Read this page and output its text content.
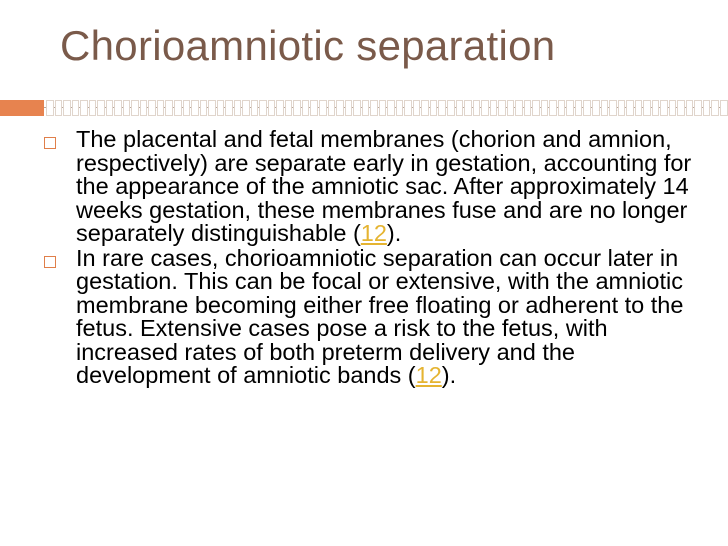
Chorioamniotic separation
The placental and fetal membranes (chorion and amnion, respectively) are separate early in gestation, accounting for the appearance of the amniotic sac. After approximately 14 weeks gestation, these membranes fuse and are no longer separately distinguishable (12).
In rare cases, chorioamniotic separation can occur later in gestation. This can be focal or extensive, with the amniotic membrane becoming either free floating or adherent to the fetus. Extensive cases pose a risk to the fetus, with increased rates of both preterm delivery and the development of amniotic bands (12).
